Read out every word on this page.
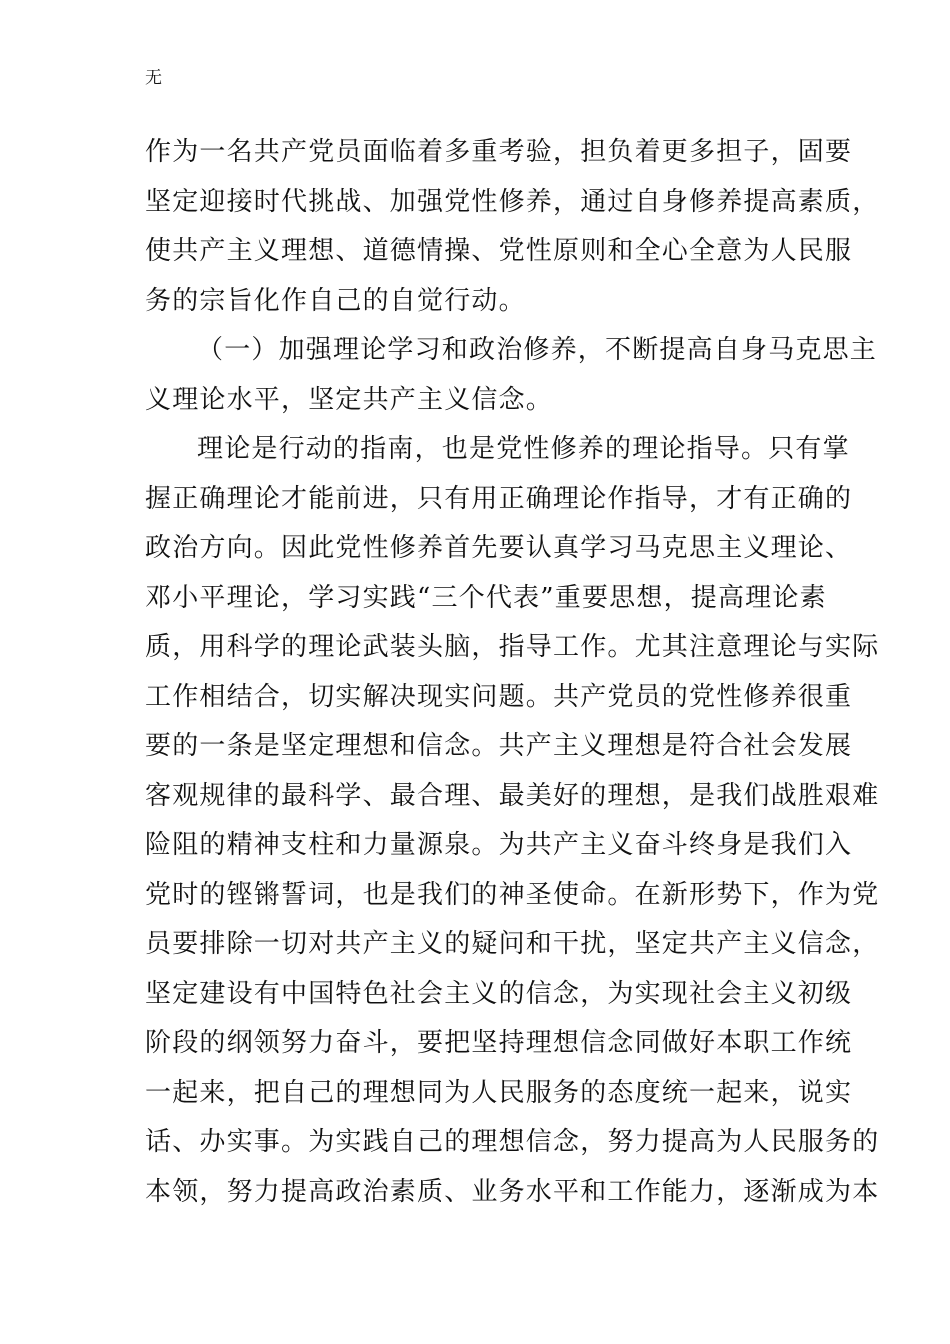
无
作为一名共产党员面临着多重考验，担负着更多担子，固要
坚定迎接时代挑战、加强党性修养，通过自身修养提高素质，
使共产主义理想、道德情操、党性原则和全心全意为人民服
务的宗旨化作自己的自觉行动。
（一）加强理论学习和政治修养，不断提高自身马克思主
义理论水平，坚定共产主义信念。
理论是行动的指南，也是党性修养的理论指导。只有掌
握正确理论才能前进，只有用正确理论作指导，才有正确的
政治方向。因此党性修养首先要认真学习马克思主义理论、
邓小平理论，学习实践“三个代表”重要思想，提高理论素
质，用科学的理论武装头脑，指导工作。尤其注意理论与实际
工作相结合，切实解决现实问题。共产党员的党性修养很重
要的一条是坚定理想和信念。共产主义理想是符合社会发展
客观规律的最科学、最合理、最美好的理想，是我们战胜艰难
险阻的精神支柱和力量源泉。为共产主义奋斗终身是我们入
党时的铿锵誓词，也是我们的神圣使命。在新形势下，作为党
员要排除一切对共产主义的疑问和干扰，坚定共产主义信念，
坚定建设有中国特色社会主义的信念，为实现社会主义初级
阶段的纲领努力奋斗，要把坚持理想信念同做好本职工作统
一起来，把自己的理想同为人民服务的态度统一起来，说实
话、办实事。为实践自己的理想信念，努力提高为人民服务的
本领，努力提高政治素质、业务水平和工作能力，逐渐成为本
